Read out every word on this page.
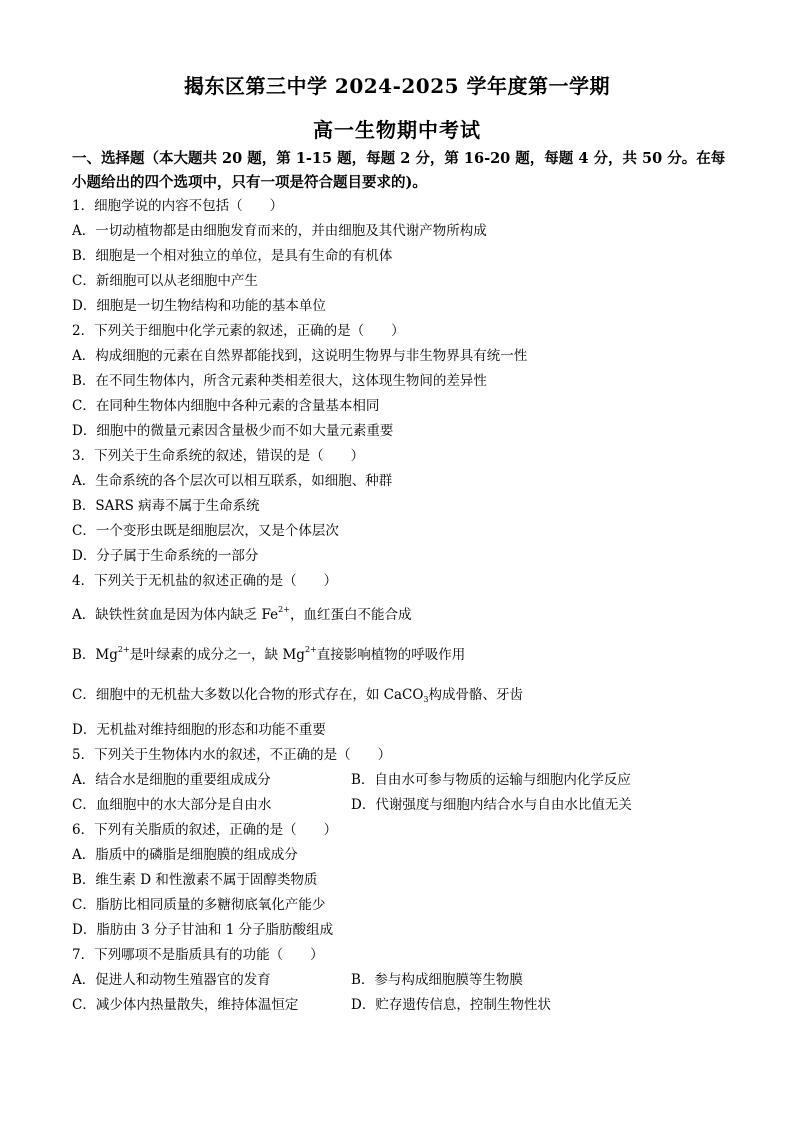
揭东区第三中学 2024-2025 学年度第一学期
高一生物期中考试
一、选择题（本大题共 20 题，第 1-15 题，每题 2 分，第 16-20 题，每题 4 分，共 50 分。在每小题给出的四个选项中，只有一项是符合题目要求的)。
1．细胞学说的内容不包括（　　）
A．一切动植物都是由细胞发育而来的，并由细胞及其代谢产物所构成
B．细胞是一个相对独立的单位，是具有生命的有机体
C．新细胞可以从老细胞中产生
D．细胞是一切生物结构和功能的基本单位
2．下列关于细胞中化学元素的叙述，正确的是（　　）
A．构成细胞的元素在自然界都能找到，这说明生物界与非生物界具有统一性
B．在不同生物体内，所含元素种类相差很大，这体现生物间的差异性
C．在同种生物体内细胞中各种元素的含量基本相同
D．细胞中的微量元素因含量极少而不如大量元素重要
3．下列关于生命系统的叙述，错误的是（　　）
A．生命系统的各个层次可以相互联系，如细胞、种群
B．SARS 病毒不属于生命系统
C．一个变形虫既是细胞层次，又是个体层次
D．分子属于生命系统的一部分
4．下列关于无机盐的叙述正确的是（　　）
A．缺铁性贫血是因为体内缺乏 $Fe^{2+}$，血红蛋白不能合成
B．$Mg^{2+}$是叶绿素的成分之一，缺 $Mg^{2+}$直接影响植物的呼吸作用
C．细胞中的无机盐大多数以化合物的形式存在，如 CaCO$_3$构成骨骼、牙齿
D．无机盐对维持细胞的形态和功能不重要
5．下列关于生物体内水的叙述，不正确的是（　　）
A．结合水是细胞的重要组成成分	B．自由水可参与物质的运输与细胞内化学反应
C．血细胞中的水大部分是自由水	D．代谢强度与细胞内结合水与自由水比值无关
6．下列有关脂质的叙述，正确的是（　　）
A．脂质中的磷脂是细胞膜的组成成分
B．维生素 D 和性激素不属于固醇类物质
C．脂肪比相同质量的多糖彻底氧化产能少
D．脂肪由 3 分子甘油和 1 分子脂肪酸组成
7．下列哪项不是脂质具有的功能（　　）
A．促进人和动物生殖器官的发育	B．参与构成细胞膜等生物膜
C．减少体内热量散失，维持体温恒定	D．贮存遗传信息，控制生物性状
